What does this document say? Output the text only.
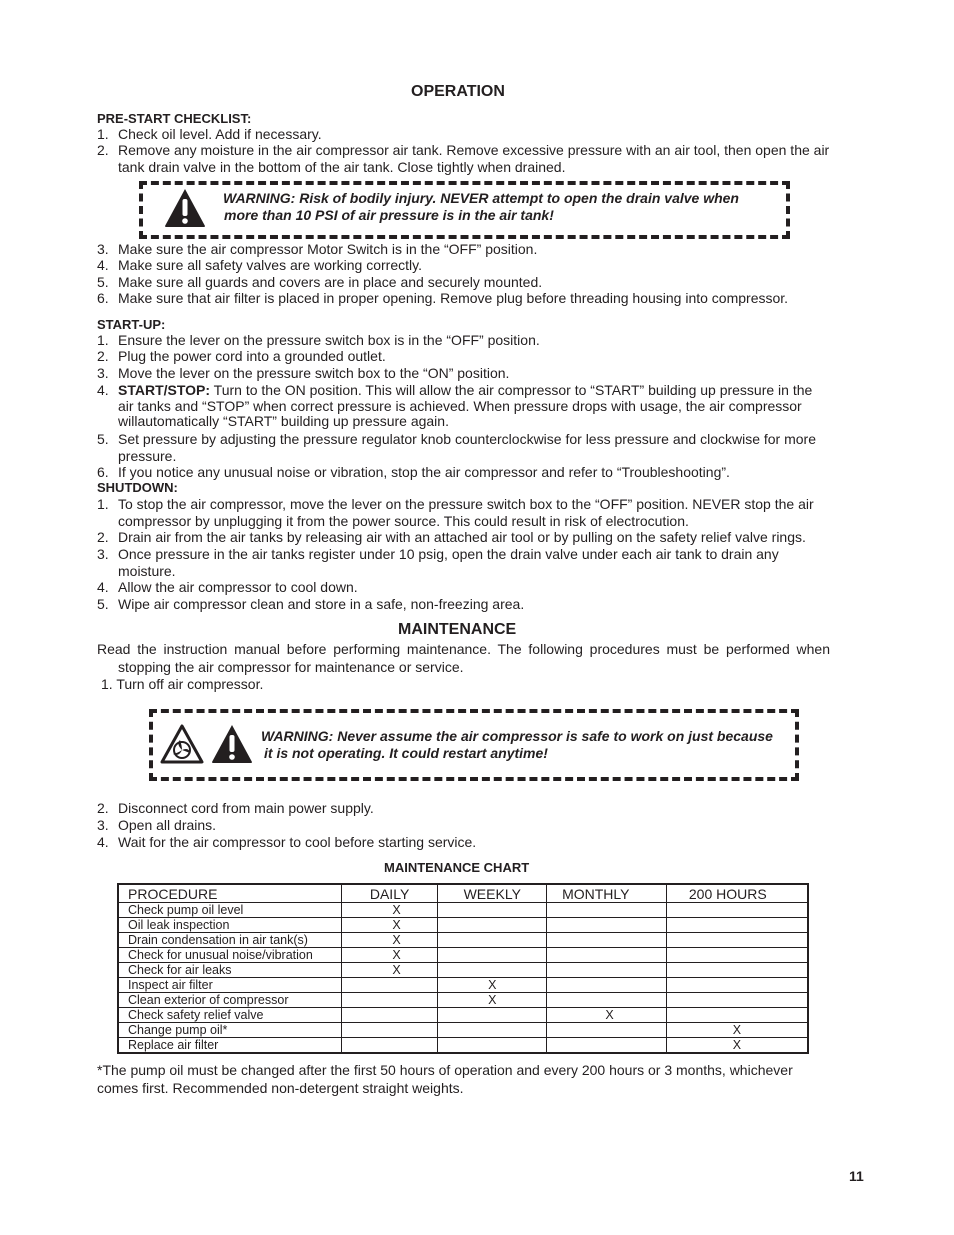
OPERATION
PRE-START CHECKLIST:
1. Check oil level. Add if necessary.
2. Remove any moisture in the air compressor air tank. Remove excessive pressure with an air tool, then open the air tank drain valve in the bottom of the air tank. Close tightly when drained.
WARNING: Risk of bodily injury. NEVER attempt to open the drain valve when
more than 10 PSI of air pressure is in the air tank!
3. Make sure the air compressor Motor Switch is in the “OFF” position.
4. Make sure all safety valves are working correctly.
5. Make sure all guards and covers are in place and securely mounted.
6. Make sure that air filter is placed in proper opening. Remove plug before threading housing into compressor.
START-UP:
1. Ensure the lever on the pressure switch box is in the “OFF” position.
2. Plug the power cord into a grounded outlet.
3. Move the lever on the pressure switch box to the “ON” position.
4. START/STOP: Turn to the ON position. This will allow the air compressor to “START” building up pressure in the air tanks and “STOP” when correct pressure is achieved. When pressure drops with usage, the air compressor willautomatically “START” building up pressure again.
5. Set pressure by adjusting the pressure regulator knob counterclockwise for less pressure and clockwise for more pressure.
6. If you notice any unusual noise or vibration, stop the air compressor and refer to “Troubleshooting”.
SHUTDOWN:
1. To stop the air compressor, move the lever on the pressure switch box to the “OFF” position. NEVER stop the air compressor by unplugging it from the power source. This could result in risk of electrocution.
2. Drain air from the air tanks by releasing air with an attached air tool or by pulling on the safety relief valve rings.
3. Once pressure in the air tanks register under 10 psig, open the drain valve under each air tank to drain any moisture.
4. Allow the air compressor to cool down.
5. Wipe air compressor clean and store in a safe, non-freezing area.
MAINTENANCE
Read the instruction manual before performing maintenance. The following procedures must be performed when
stopping the air compressor for maintenance or service.
1. Turn off air compressor.
WARNING: Never assume the air compressor is safe to work on just because
it is not operating. It could restart anytime!
2. Disconnect cord from main power supply.
3. Open all drains.
4. Wait for the air compressor to cool before starting service.
MAINTENANCE CHART
PROCEDURE	DAILY	WEEKLY	MONTHLY	200 HOURS
Check pump oil level	X			
Oil leak inspection	X			
Drain condensation in air tank(s)	X			
Check for unusual noise/vibration	X			
Check for air leaks	X			
Inspect air filter		X		
Clean exterior of compressor		X		
Check safety relief valve			X	
Change pump oil*				X
Replace air filter				X
*The pump oil must be changed after the first 50 hours of operation and every 200 hours or 3 months, whichever
comes first. Recommended non-detergent straight weights.
11
